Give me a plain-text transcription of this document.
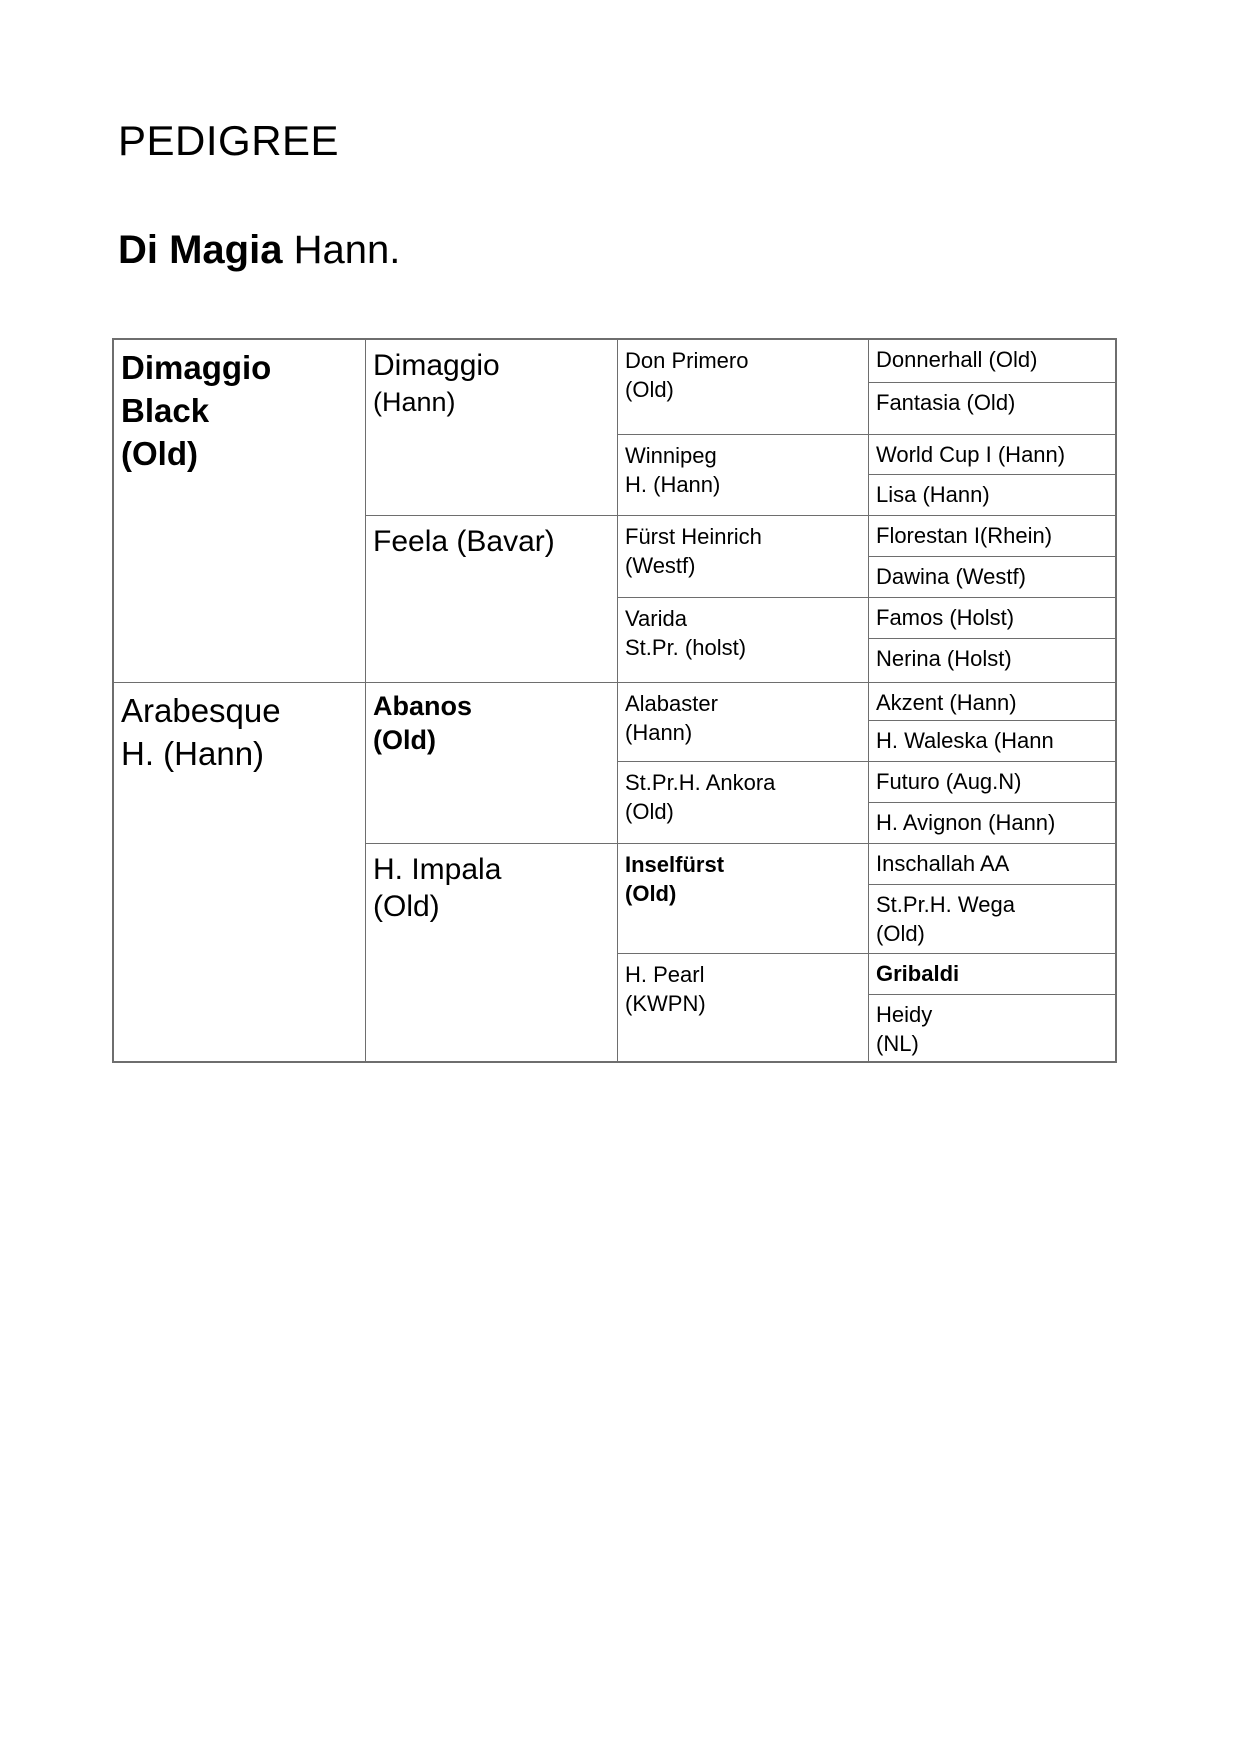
PEDIGREE
Di Magia Hann.
Dimaggio
Black
(Old)
Arabesque
H. (Hann)
Dimaggio
(Hann)
Feela (Bavar)
Abanos
(Old)
H. Impala
(Old)
Don Primero
(Old)
Winnipeg
H. (Hann)
Fürst Heinrich
(Westf)
Varida
St.Pr. (holst)
Alabaster
(Hann)
St.Pr.H. Ankora
(Old)
Inselfürst
(Old)
H. Pearl
(KWPN)
Donnerhall (Old)
Fantasia (Old)
World Cup I (Hann)
Lisa (Hann)
Florestan I(Rhein)
Dawina (Westf)
Famos (Holst)
Nerina (Holst)
Akzent (Hann)
H. Waleska (Hann
Futuro (Aug.N)
H. Avignon (Hann)
Inschallah AA
St.Pr.H. Wega
(Old)
Gribaldi
Heidy
(NL)
